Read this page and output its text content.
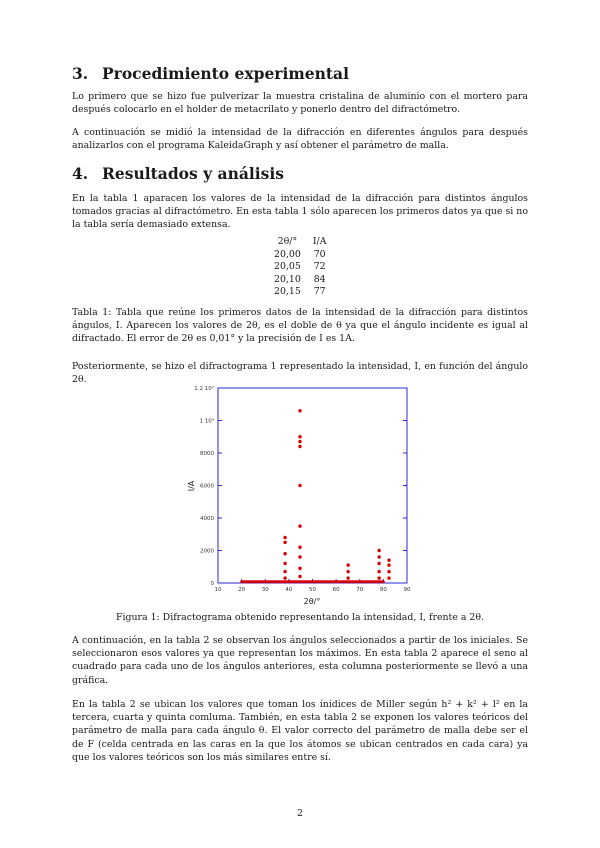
3. Procedimiento experimental

Lo primero que se hizo fue pulverizar la muestra cristalina de aluminio con el mortero para después colocarlo en el holder de metacrilato y ponerlo dentro del difractómetro.

A continuación se midió la intensidad de la difracción en diferentes ángulos para después analizarlos con el programa KaleidaGraph y así obtener el parámetro de malla.

4. Resultados y análisis

En la tabla 1 aparacen los valores de la intensidad de la difracción para distintos ángulos tomados gracias al difractómetro. En esta tabla 1 sólo aparecen los primeros datos ya que si no la tabla sería demasiado extensa.

2θ/°	I/A
20,00	70
20,05	72
20,10	84
20,15	77

Tabla 1: Tabla que reúne los primeros datos de la intensidad de la difracción para distintos ángulos, I. Aparecen los valores de 2θ, es el doble de θ ya que el ángulo incidente es igual al difractado. El error de 2θ es 0,01° y la precisión de I es 1A.

Posteriormente, se hizo el difractograma 1 representado la intensidad, I, en función del ángulo 2θ.

0
2000
4000
6000
8000
1 10⁴
1.2 10⁴
10	20	30	40	50	60	70	80	90
I/A
2θ/°

Figura 1: Difractograma obtenido representando la intensidad, I, frente a 2θ.

A continuación, en la tabla 2 se observan los ángulos seleccionados a partir de los iniciales. Se seleccionaron esos valores ya que representan los máximos. En esta tabla 2 aparece el seno al cuadrado para cada uno de los ángulos anteriores, esta columna posteriormente se llevó a una gráfica.

En la tabla 2 se ubican los valores que toman los ínidices de Miller según h² + k² + l² en la tercera, cuarta y quinta comluma. También, en esta tabla 2 se exponen los valores teóricos del parámetro de malla para cada ángulo θ. El valor correcto del parámetro de malla debe ser el de F (celda centrada en las caras en la que los átomos se ubican centrados en cada cara) ya que los valores teóricos son los más similares entre sí.

2
